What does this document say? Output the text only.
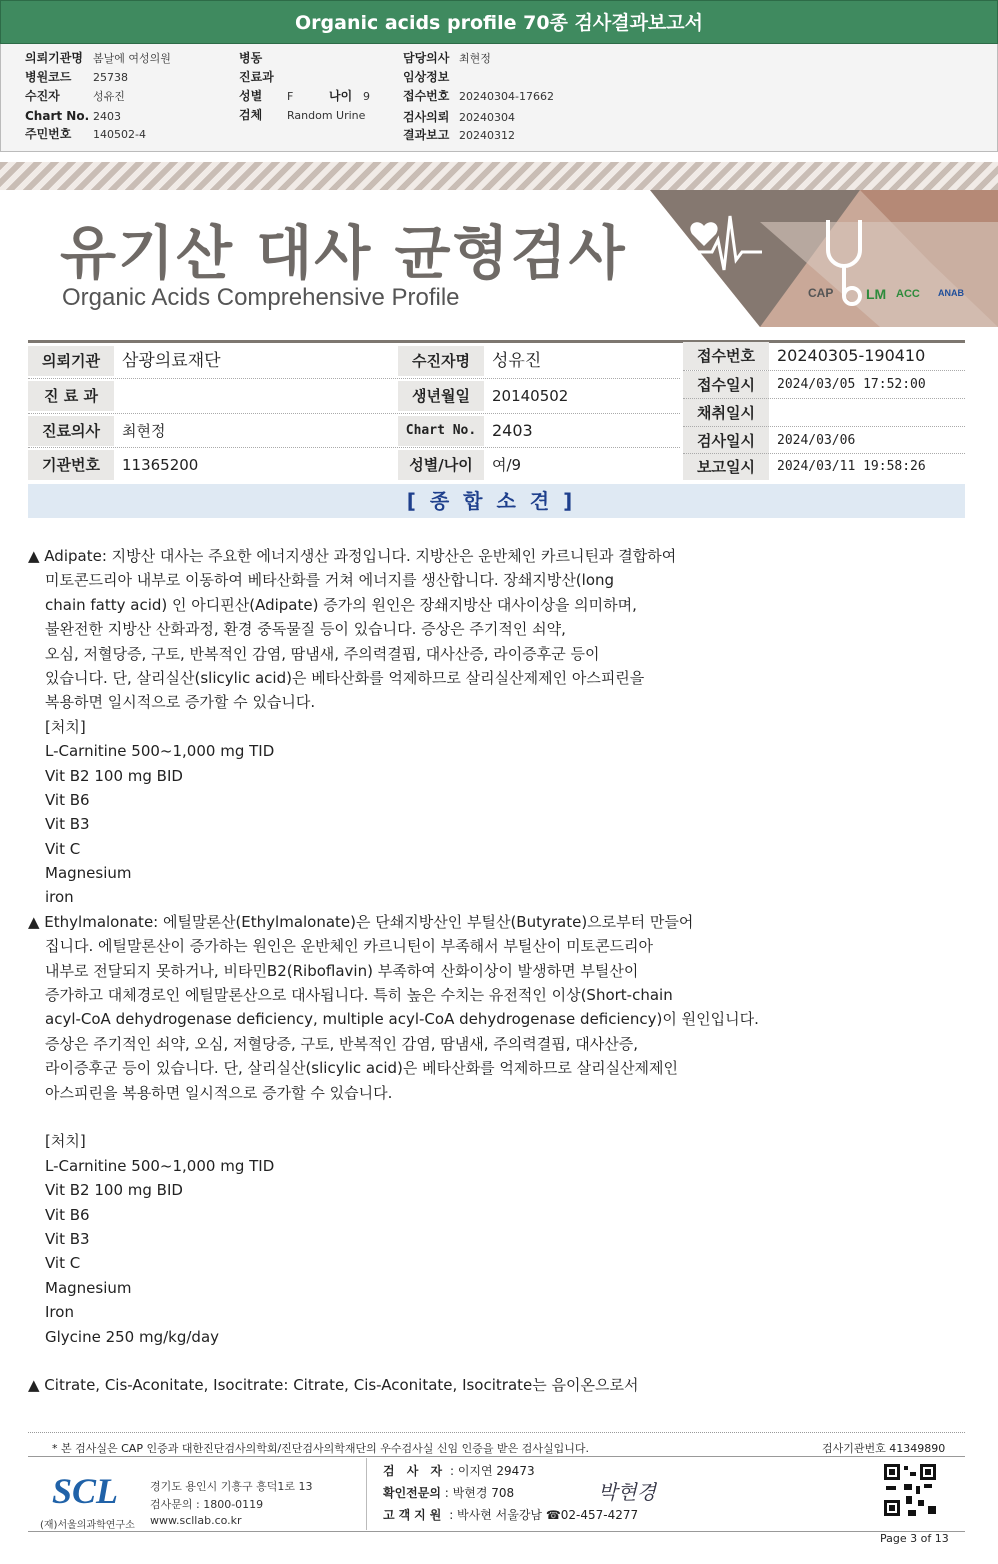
Organic acids profile 70종 검사결과보고서
의뢰기관명 봄날에 여성의원
병원코드 25738
수진자	성유진
Chart No. 2403
주민번호 140502-4
병동
진료과
성별 F	나이 9
검체 Random Urine
담당의사 최현정
임상정보
접수번호 20240304-17662
검사의뢰 20240304
결과보고 20240312
유기산 대사 균형검사
Organic Acids Comprehensive Profile	CAP LM ACC ANAB
의뢰기관	삼광의료재단
진 료 과
진료의사	최현정
기관번호	11365200
수진자명	성유진
생년월일	20140502
Chart No. 2403
성별/나이	여/9
접수번호	20240305-190410
접수일시	2024/03/05 17:52:00
채취일시
검사일시	2024/03/06
보고일시	2024/03/11 19:58:26
[종합소견]
▲ Adipate: 지방산 대사는 주요한 에너지생산 과정입니다. 지방산은 운반체인 카르니틴과 결합하여
미토콘드리아 내부로 이동하여 베타산화를 거쳐 에너지를 생산합니다. 장쇄지방산(long
chain fatty acid) 인 아디핀산(Adipate) 증가의 원인은 장쇄지방산 대사이상을 의미하며,
불완전한 지방산 산화과정, 환경 중독물질 등이 있습니다. 증상은 주기적인 쇠약,
오심, 저혈당증, 구토, 반복적인 감염, 땀냄새, 주의력결핍, 대사산증, 라이증후군 등이
있습니다. 단, 살리실산(slicylic acid)은 베타산화를 억제하므로 살리실산제제인 아스피린을
복용하면 일시적으로 증가할 수 있습니다.
[처치]
L-Carnitine 500~1,000 mg TID
Vit B2 100 mg BID
Vit B6
Vit B3
Vit C
Magnesium
iron
▲ Ethylmalonate: 에틸말론산(Ethylmalonate)은 단쇄지방산인 부틸산(Butyrate)으로부터 만들어
집니다. 에틸말론산이 증가하는 원인은 운반체인 카르니틴이 부족해서 부틸산이 미토콘드리아
내부로 전달되지 못하거나, 비타민B2(Riboflavin) 부족하여 산화이상이 발생하면 부틸산이
증가하고 대체경로인 에틸말론산으로 대사됩니다. 특히 높은 수치는 유전적인 이상(Short-chain
acyl-CoA dehydrogenase deficiency, multiple acyl-CoA dehydrogenase deficiency)이 원인입니다.
증상은 주기적인 쇠약, 오심, 저혈당증, 구토, 반복적인 감염, 땀냄새, 주의력결핍, 대사산증,
라이증후군 등이 있습니다. 단, 살리실산(slicylic acid)은 베타산화를 억제하므로 살리실산제제인
아스피린을 복용하면 일시적으로 증가할 수 있습니다.
[처치]
L-Carnitine 500~1,000 mg TID
Vit B2 100 mg BID
Vit B6
Vit B3
Vit C
Magnesium
Iron
Glycine 250 mg/kg/day
▲ Citrate, Cis-Aconitate, Isocitrate: Citrate, Cis-Aconitate, Isocitrate는 음이온으로서
* 본 검사실은 CAP 인증과 대한진단검사의학회/진단검사의학재단의 우수검사실 신임 인증을 받은 검사실입니다.	검사기관번호 41349890
SCL
(재)서울의과학연구소
경기도 용인시 기흥구 흥덕1로 13
검사문의 : 1800-0119
www.scllab.co.kr
검 사 자 : 이지연 29473
확인전문의 : 박현경 708
고객지원 : 박사현 서울강남 ☎02-457-4277
박현경
Page 3 of 13
